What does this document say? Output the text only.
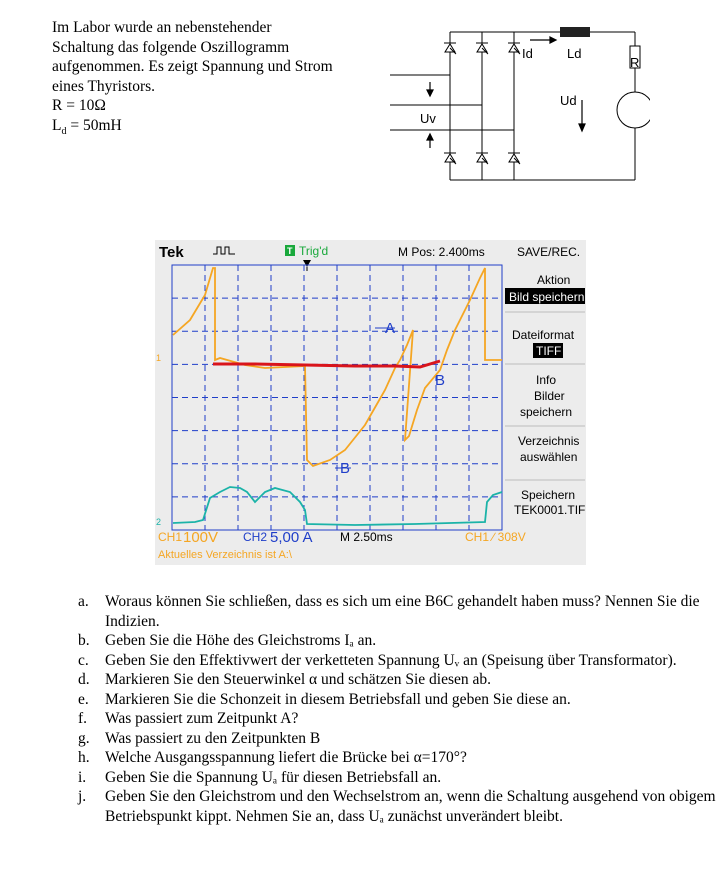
Im Labor wurde an nebenstehender
Schaltung das folgende Oszillogramm
aufgenommen. Es zeigt Spannung und Strom
eines Thyristors.
R = 10Ω
$L_d = 50mH$
Id	Ld
R
Ud
Uv
Tek	T Trig'd	M Pos: 2.400ms
1
2
A
B
B
SAVE/REC.
Aktion
Bild speichern
Dateiformat
TIFF
Info
Bilder
speichern
Verzeichnis
auswählen
Speichern
TEK0001.TIF
CH1 100V CH2 5,00 A M 2.50ms	CH1 ∕ 308V
Aktuelles Verzeichnis ist A:\
a.	Woraus können Sie schließen, dass es sich um eine B6C gehandelt haben muss? Nennen Sie die Indizien.
b. Geben Sie die Höhe des Gleichstroms Iₐ an.
c.	Geben Sie den Effektivwert der verketteten Spannung Uᵥ an (Speisung über Transformator).
d. Markieren Sie den Steuerwinkel α und schätzen Sie diesen ab.
e.	Markieren Sie die Schonzeit in diesem Betriebsfall und geben Sie diese an.
f.	Was passiert zum Zeitpunkt A?
g. Was passiert zu den Zeitpunkten B
h. Welche Ausgangsspannung liefert die Brücke bei α=170°?
i.	Geben Sie die Spannung Uₐ für diesen Betriebsfall an.
j.	Geben Sie den Gleichstrom und den Wechselstrom an, wenn die Schaltung ausgehend von obigem Betriebspunkt kippt. Nehmen Sie an, dass Uₐ zunächst unverändert bleibt.
